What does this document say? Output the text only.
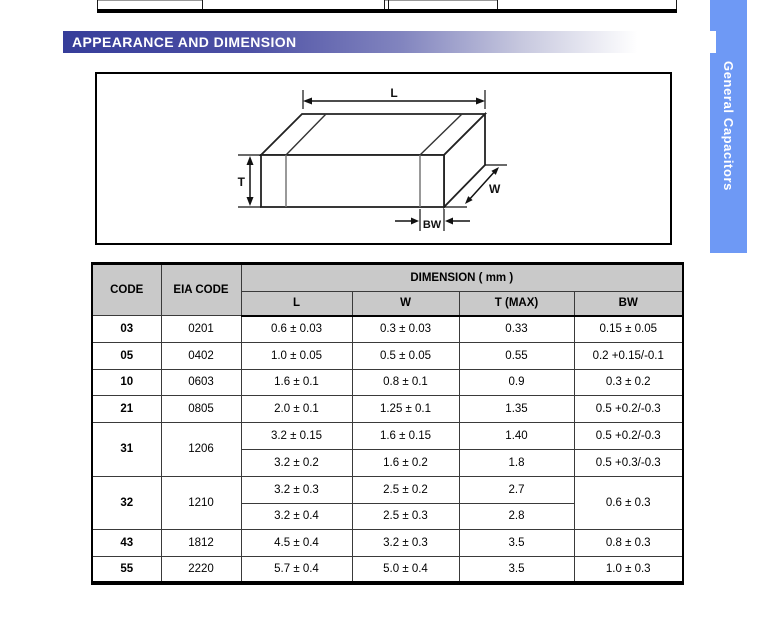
APPEARANCE AND DIMENSION
General Capacitors
L
T	W
BW
CODE	EIA CODE	DIMENSION ( mm )			
		L	W	T (MAX)	BW
03	0201	0.6 ± 0.03	0.3 ± 0.03	0.33	0.15 ± 0.05
05	0402	1.0 ± 0.05	0.5 ± 0.05	0.55	0.2 +0.15/-0.1
10	0603	1.6 ± 0.1	0.8 ± 0.1	0.9	0.3 ± 0.2
21	0805	2.0 ± 0.1	1.25 ± 0.1	1.35	0.5 +0.2/-0.3
31	1206	3.2 ± 0.15	1.6 ± 0.15	1.40	0.5 +0.2/-0.3
		3.2 ± 0.2	1.6 ± 0.2	1.8	0.5 +0.3/-0.3
32	1210	3.2 ± 0.3	2.5 ± 0.2	2.7	0.6 ± 0.3
		3.2 ± 0.4	2.5 ± 0.3	2.8	
43	1812	4.5 ± 0.4	3.2 ± 0.3	3.5	0.8 ± 0.3
55	2220	5.7 ± 0.4	5.0 ± 0.4	3.5	1.0 ± 0.3
